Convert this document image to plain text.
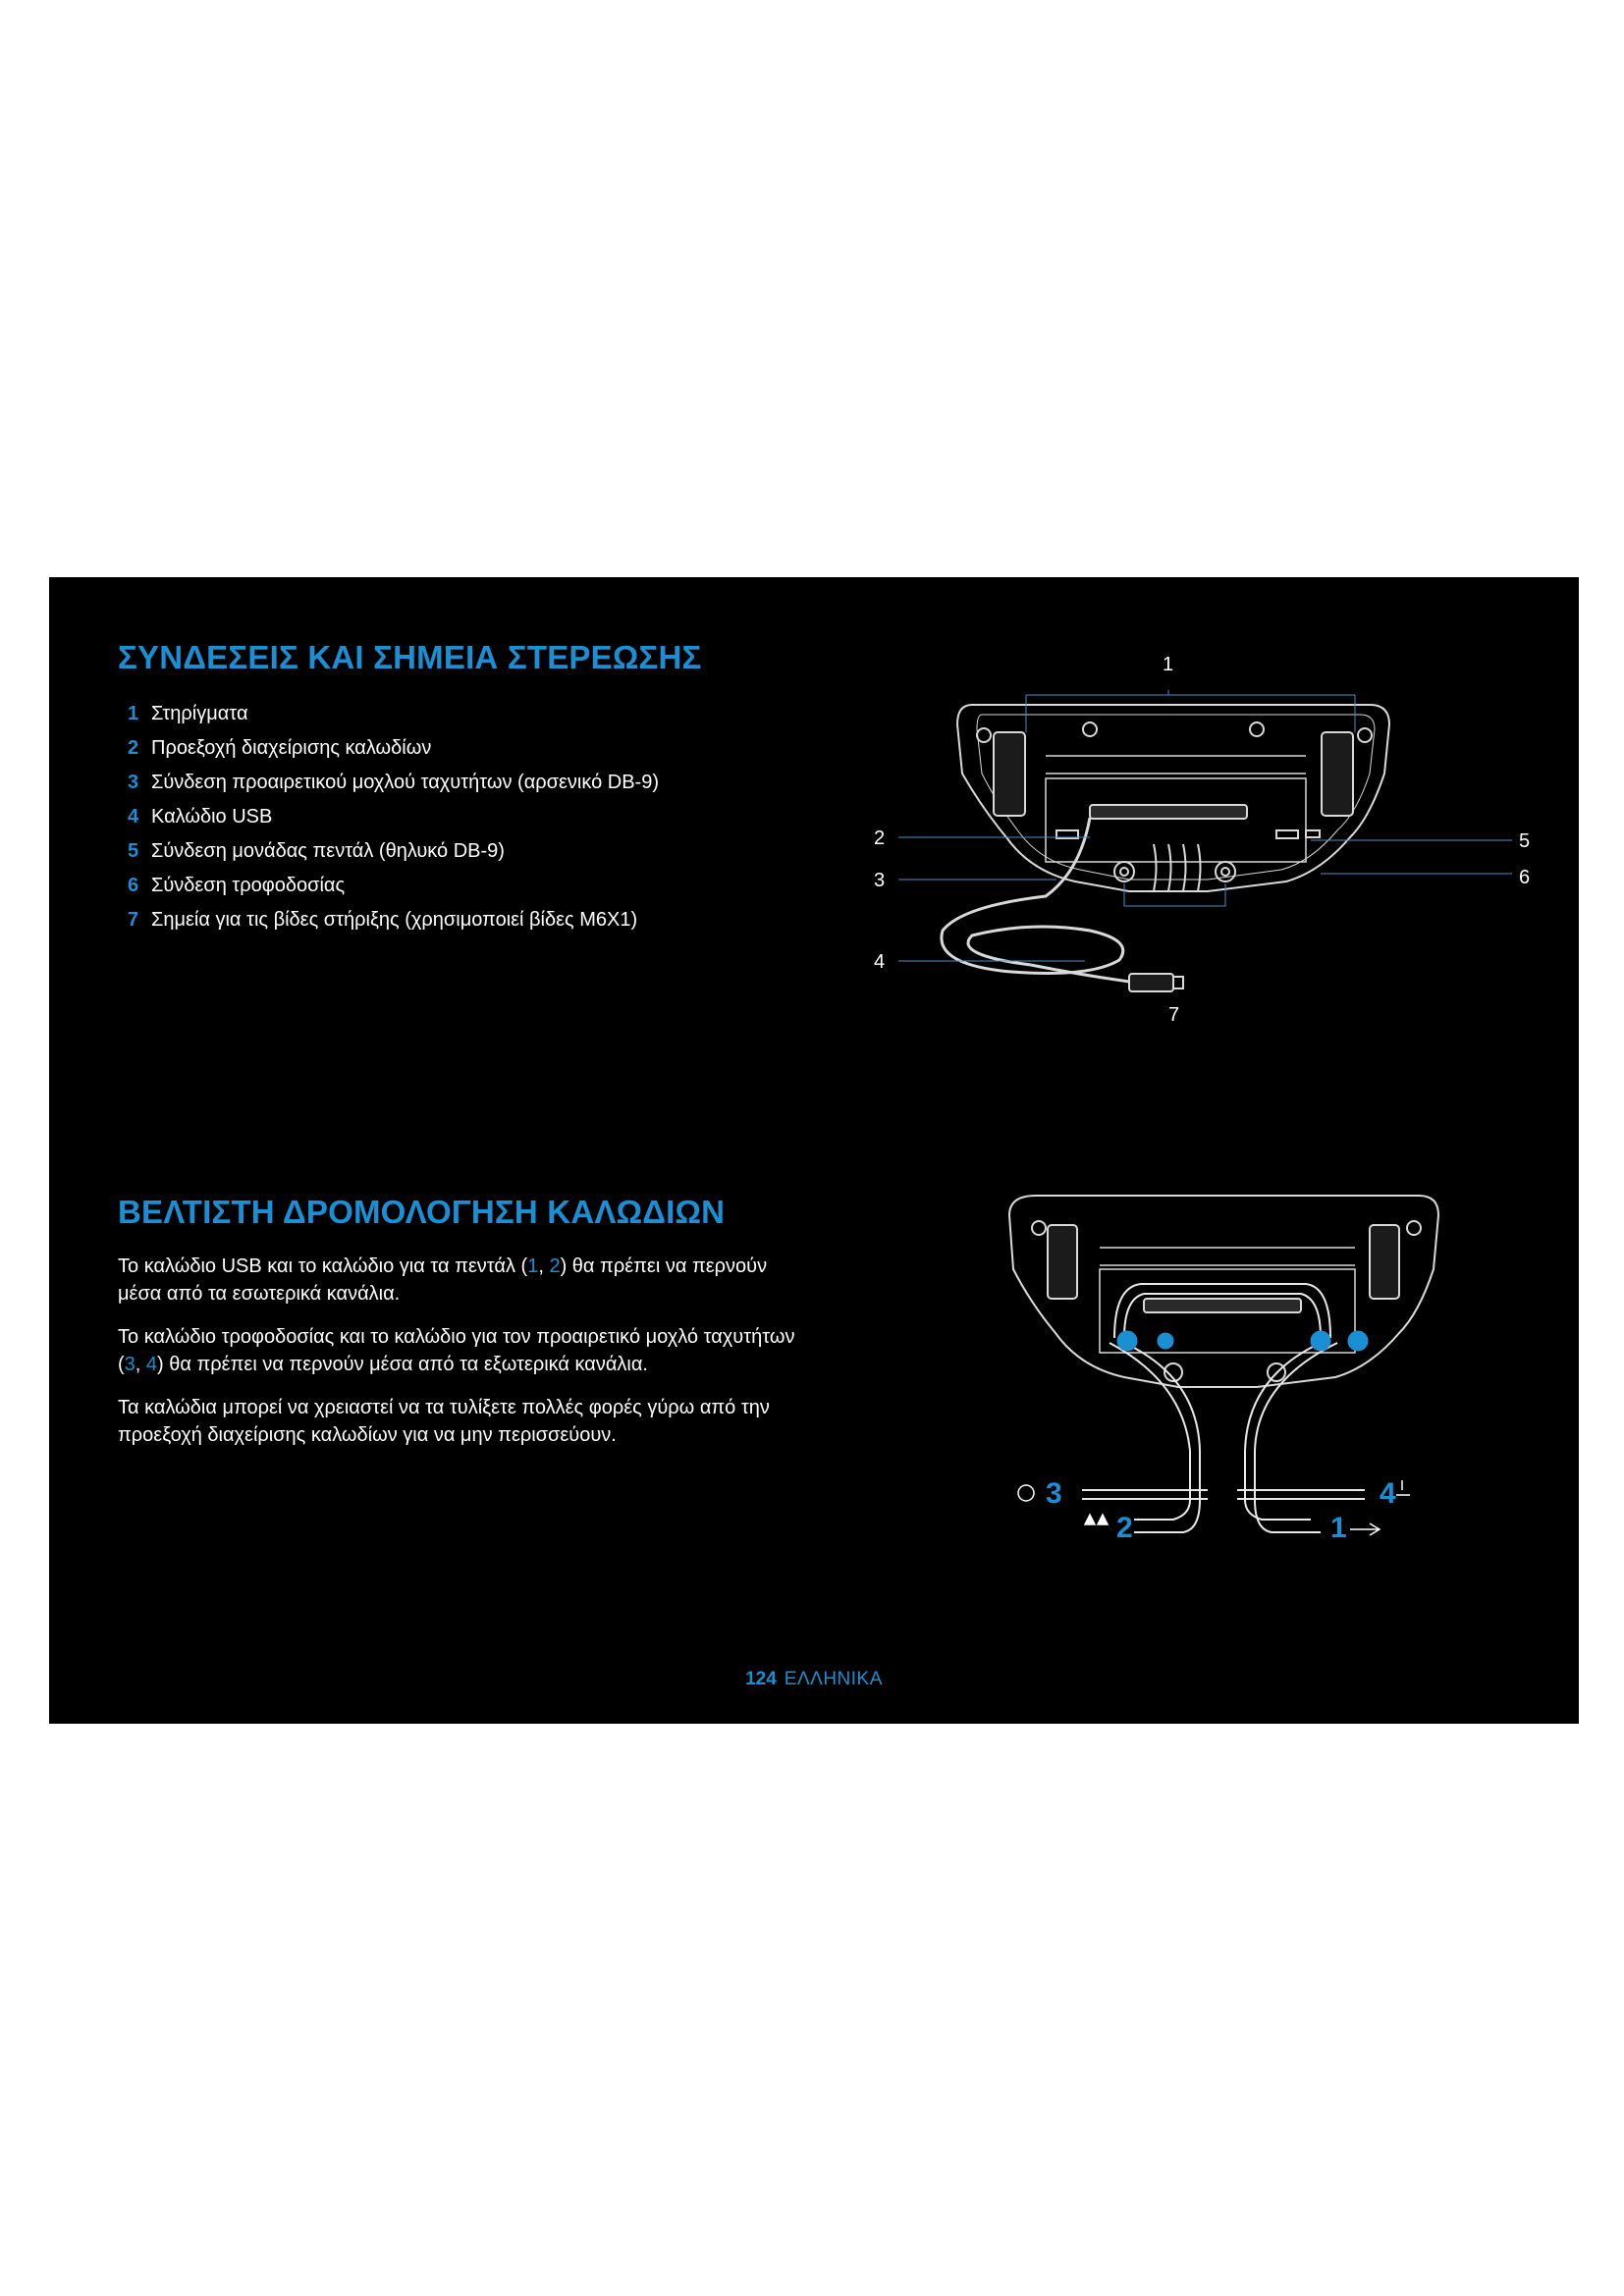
ΣΥΝΔΕΣΕΙΣ ΚΑΙ ΣΗΜΕΙΑ ΣΤΕΡΕΩΣΗΣ
1 Στηρίγματα
2 Προεξοχή διαχείρισης καλωδίων
3 Σύνδεση προαιρετικού μοχλού ταχυτήτων (αρσενικό DB-9)
4 Καλώδιο USB
5 Σύνδεση μονάδας πεντάλ (θηλυκό DB-9)
6 Σύνδεση τροφοδοσίας
7 Σημεία για τις βίδες στήριξης (χρησιμοποιεί βίδες M6X1)
1
2
3
4
5
6
7
ΒΕΛΤΙΣΤΗ ΔΡΟΜΟΛΟΓΗΣΗ ΚΑΛΩΔΙΩΝ

Το καλώδιο USB και το καλώδιο για τα πεντάλ (1, 2) θα πρέπει να περνούν μέσα από τα εσωτερικά κανάλια.

Το καλώδιο τροφοδοσίας και το καλώδιο για τον προαιρετικό μοχλό ταχυτήτων (3, 4) θα πρέπει να περνούν μέσα από τα εξωτερικά κανάλια.

Τα καλώδια μπορεί να χρειαστεί να τα τυλίξετε πολλές φορές γύρω από την προεξοχή διαχείρισης καλωδίων για να μην περισσεύουν.

3
2
4
1
124 ΕΛΛΗΝΙΚΑ
